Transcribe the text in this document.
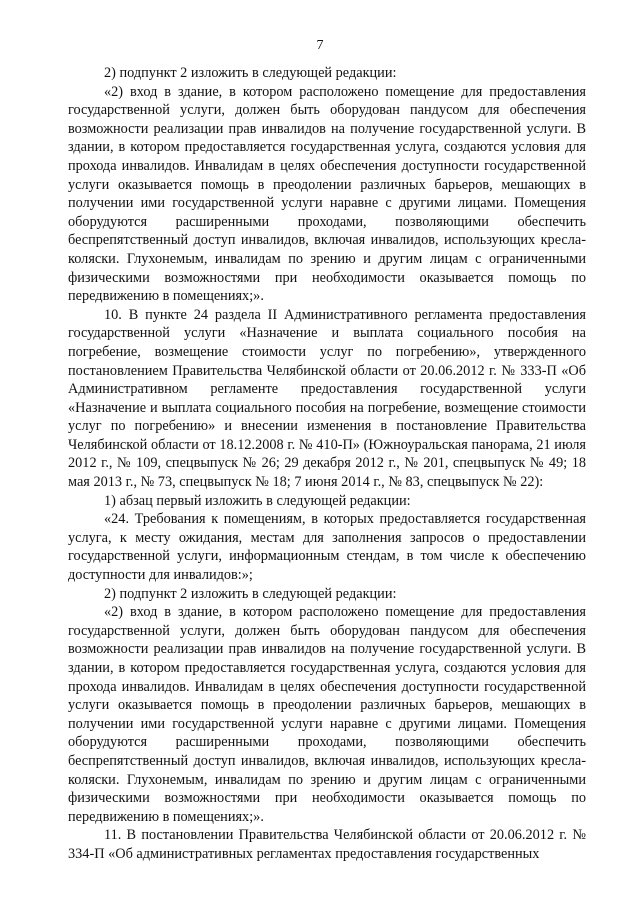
7

2) подпункт 2 изложить в следующей редакции:

«2) вход в здание, в котором расположено помещение для предоставления государственной услуги, должен быть оборудован пандусом для обеспечения возможности реализации прав инвалидов на получение государственной услуги. В здании, в котором предоставляется государственная услуга, создаются условия для прохода инвалидов. Инвалидам в целях обеспечения доступности государственной услуги оказывается помощь в преодолении различных барьеров, мешающих в получении ими государственной услуги наравне с другими лицами. Помещения оборудуются расширенными проходами, позволяющими обеспечить беспрепятственный доступ инвалидов, включая инвалидов, использующих кресла-коляски. Глухонемым, инвалидам по зрению и другим лицам с ограниченными физическими возможностями при необходимости оказывается помощь по передвижению в помещениях;».

10. В пункте 24 раздела II Административного регламента предоставления государственной услуги «Назначение и выплата социального пособия на погребение, возмещение стоимости услуг по погребению», утвержденного постановлением Правительства Челябинской области от 20.06.2012 г. № 333-П «Об Административном регламенте предоставления государственной услуги «Назначение и выплата социального пособия на погребение, возмещение стоимости услуг по погребению» и внесении изменения в постановление Правительства Челябинской области от 18.12.2008 г. № 410-П» (Южноуральская панорама, 21 июля 2012 г., № 109, спецвыпуск № 26; 29 декабря 2012 г., № 201, спецвыпуск № 49; 18 мая 2013 г., № 73, спецвыпуск № 18; 7 июня 2014 г., № 83, спецвыпуск № 22):

1) абзац первый изложить в следующей редакции:

«24. Требования к помещениям, в которых предоставляется государственная услуга, к месту ожидания, местам для заполнения запросов о предоставлении государственной услуги, информационным стендам, в том числе к обеспечению доступности для инвалидов:»;

2) подпункт 2 изложить в следующей редакции:

«2) вход в здание, в котором расположено помещение для предоставления государственной услуги, должен быть оборудован пандусом для обеспечения возможности реализации прав инвалидов на получение государственной услуги. В здании, в котором предоставляется государственная услуга, создаются условия для прохода инвалидов. Инвалидам в целях обеспечения доступности государственной услуги оказывается помощь в преодолении различных барьеров, мешающих в получении ими государственной услуги наравне с другими лицами. Помещения оборудуются расширенными проходами, позволяющими обеспечить беспрепятственный доступ инвалидов, включая инвалидов, использующих кресла-коляски. Глухонемым, инвалидам по зрению и другим лицам с ограниченными физическими возможностями при необходимости оказывается помощь по передвижению в помещениях;».

11. В постановлении Правительства Челябинской области от 20.06.2012 г. № 334-П «Об административных регламентах предоставления государственных
